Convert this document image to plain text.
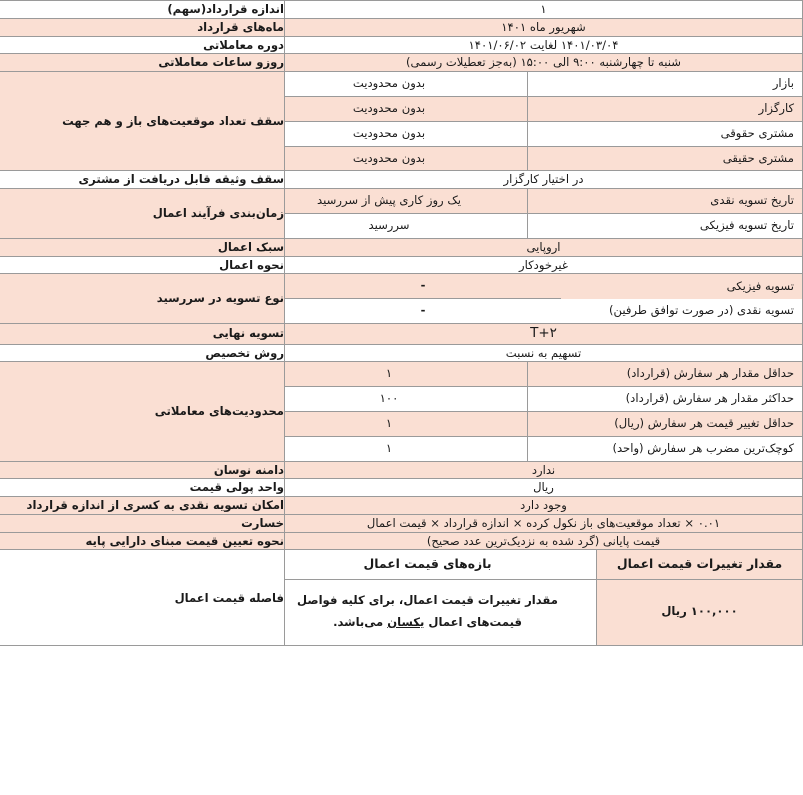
۱	اندازه قرارداد(سهم)
شهریور ماه ۱۴۰۱	ماه‌های قرارداد
۱۴۰۱/۰۳/۰۴ لغایت ۱۴۰۱/۰۶/۰۲	دوره معاملاتی
شنبه تا چهارشنبه ۹:۰۰ الی ۱۵:۰۰ (به‌جز تعطیلات رسمی)	روزو ساعات معاملاتی

بازار	بدون محدودیت
کارگزار	بدون محدودیت
مشتری حقوقی	بدون محدودیت
مشتری حقیقی	بدون محدودیت
	سقف تعداد موقعیت‌های باز و هم جهت
در اختیار کارگزار	سقف وثیقه قابل دریافت از مشتری

تاریخ تسویه نقدی	یک روز کاری پیش از سررسید
تاریخ تسویه فیزیکی	سررسید
	زمان‌بندی فرآیند اعمال
اروپایی	سبک اعمال
غیرخودکار	نحوه اعمال

تسویه فیزیکی	-
تسویه نقدی (در صورت توافق طرفین)	-
	نوع تسویه در سررسید
T+۲	تسویه نهایی
تسهیم به نسبت	روش تخصیص

حداقل مقدار هر سفارش (قرارداد)	۱
حداکثر مقدار هر سفارش (قرارداد)	۱۰۰
حداقل تغییر قیمت هر سفارش (ریال)	۱
کوچک‌ترین مضرب هر سفارش (واحد)	۱
	محدودیت‌های معاملاتی
ندارد	دامنه نوسان
ریال	واحد پولی قیمت
وجود دارد	امکان تسویه نقدی به کسری از اندازه قرارداد
۰.۰۱ × تعداد موقعیت‌های باز نکول کرده × اندازه قرارداد × قیمت اعمال	خسارت
قیمت پایانی (گرد شده به نزدیک‌ترین عدد صحیح)	نحوه تعیین قیمت مبنای دارایی پایه

مقدار تغییرات قیمت اعمال	بازه‌های قیمت اعمال
۱۰۰,۰۰۰ ریال	مقدار تغییرات قیمت اعمال، برای کلیه فواصل قیمت‌های اعمال یکسان می‌باشد.
	فاصله قیمت اعمال
